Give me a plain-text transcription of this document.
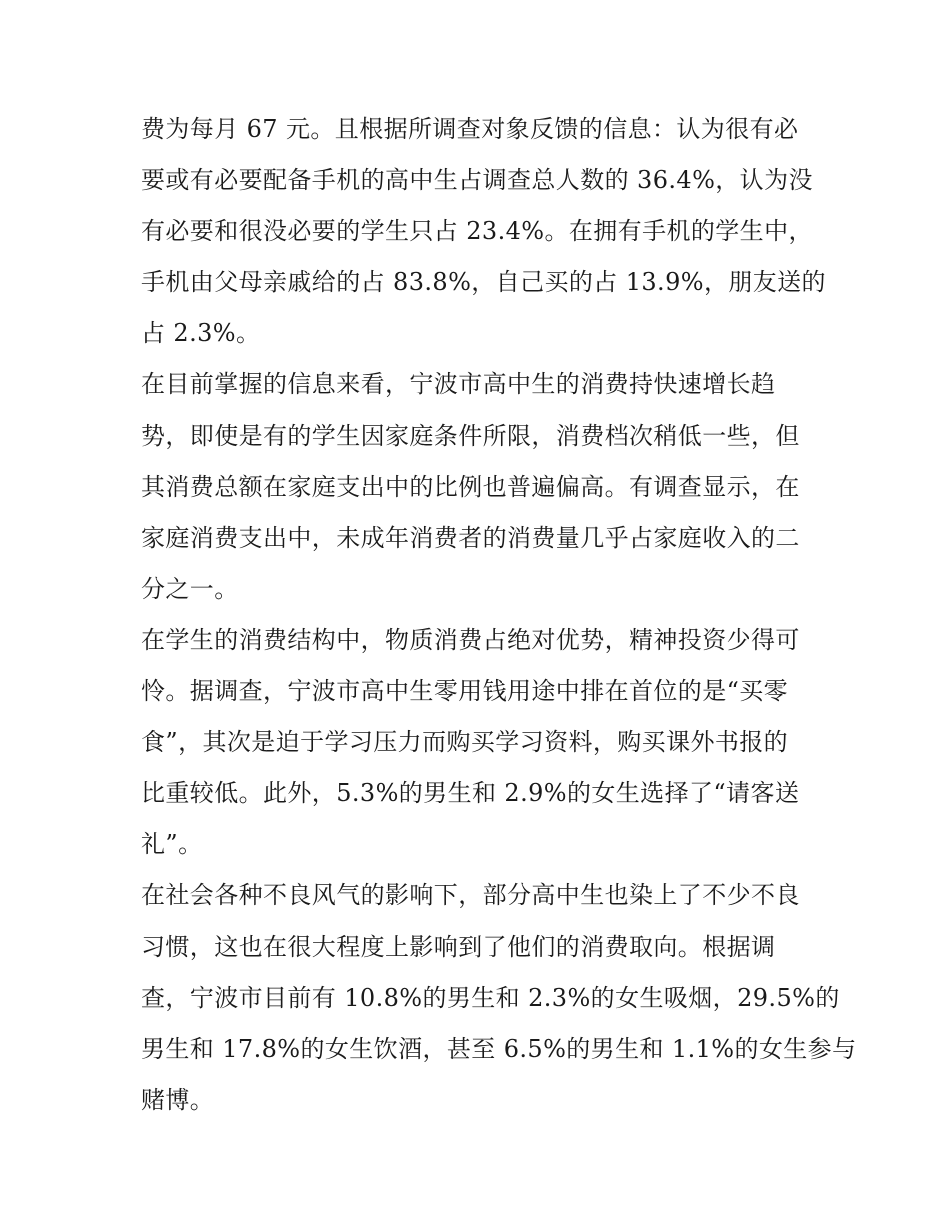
费为每月 67 元。且根据所调查对象反馈的信息：认为很有必
要或有必要配备手机的高中生占调查总人数的 36.4%，认为没
有必要和很没必要的学生只占 23.4%。在拥有手机的学生中，
手机由父母亲戚给的占 83.8%，自己买的占 13.9%，朋友送的
占 2.3%。
在目前掌握的信息来看，宁波市高中生的消费持快速增长趋
势，即使是有的学生因家庭条件所限，消费档次稍低一些，但
其消费总额在家庭支出中的比例也普遍偏高。有调查显示，在
家庭消费支出中，未成年消费者的消费量几乎占家庭收入的二
分之一。
在学生的消费结构中，物质消费占绝对优势，精神投资少得可
怜。据调查，宁波市高中生零用钱用途中排在首位的是“买零
食”，其次是迫于学习压力而购买学习资料，购买课外书报的
比重较低。此外，5.3%的男生和 2.9%的女生选择了“请客送
礼”。
在社会各种不良风气的影响下，部分高中生也染上了不少不良
习惯，这也在很大程度上影响到了他们的消费取向。根据调
查，宁波市目前有 10.8%的男生和 2.3%的女生吸烟，29.5%的
男生和 17.8%的女生饮酒，甚至 6.5%的男生和 1.1%的女生参与
赌博。
